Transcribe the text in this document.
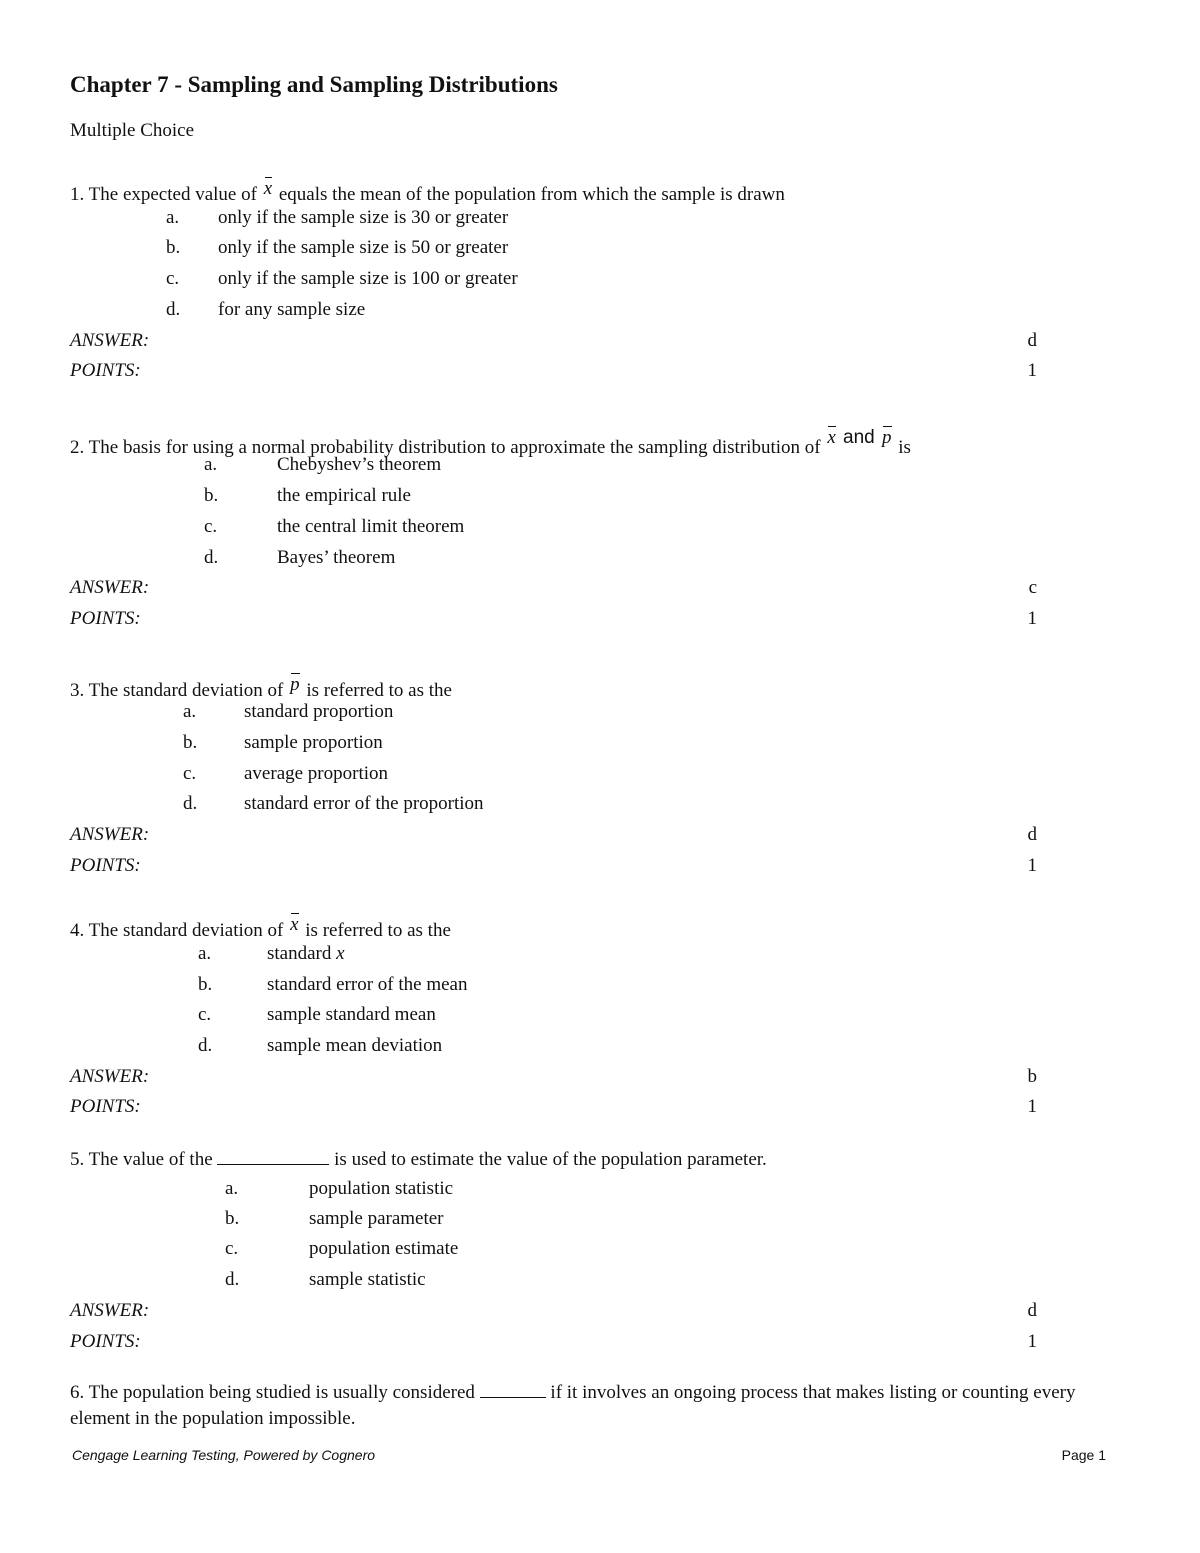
Chapter 7 - Sampling and Sampling Distributions
Multiple Choice
1. The expected value of x equals the mean of the population from which the sample is drawn
a. only if the sample size is 30 or greater
b. only if the sample size is 50 or greater
c. only if the sample size is 100 or greater
d. for any sample size
ANSWER:	d
POINTS:	1
2. The basis for using a normal probability distribution to approximate the sampling distribution of x and p is
a.	Chebyshev’s theorem
b.	the empirical rule
c.	the central limit theorem
d.	Bayes’ theorem
ANSWER:	c
POINTS:	1
3. The standard deviation of p is referred to as the
a.	standard proportion
b. sample proportion
c.	average proportion
d. standard error of the proportion
ANSWER:	d
POINTS:	1
4. The standard deviation of x is referred to as the
a.	standard x
b.	standard error of the mean
c.	sample standard mean
d.	sample mean deviation
ANSWER:	b
POINTS:	1
5. The value of the	is used to estimate the value of the population parameter.
a.	population statistic
b.	sample parameter
c.	population estimate
d.	sample statistic
ANSWER:	d
POINTS:	1
6. The population being studied is usually considered	if it involves an ongoing process that makes listing or counting every element in the population impossible.
Cengage Learning Testing, Powered by Cognero	Page 1
